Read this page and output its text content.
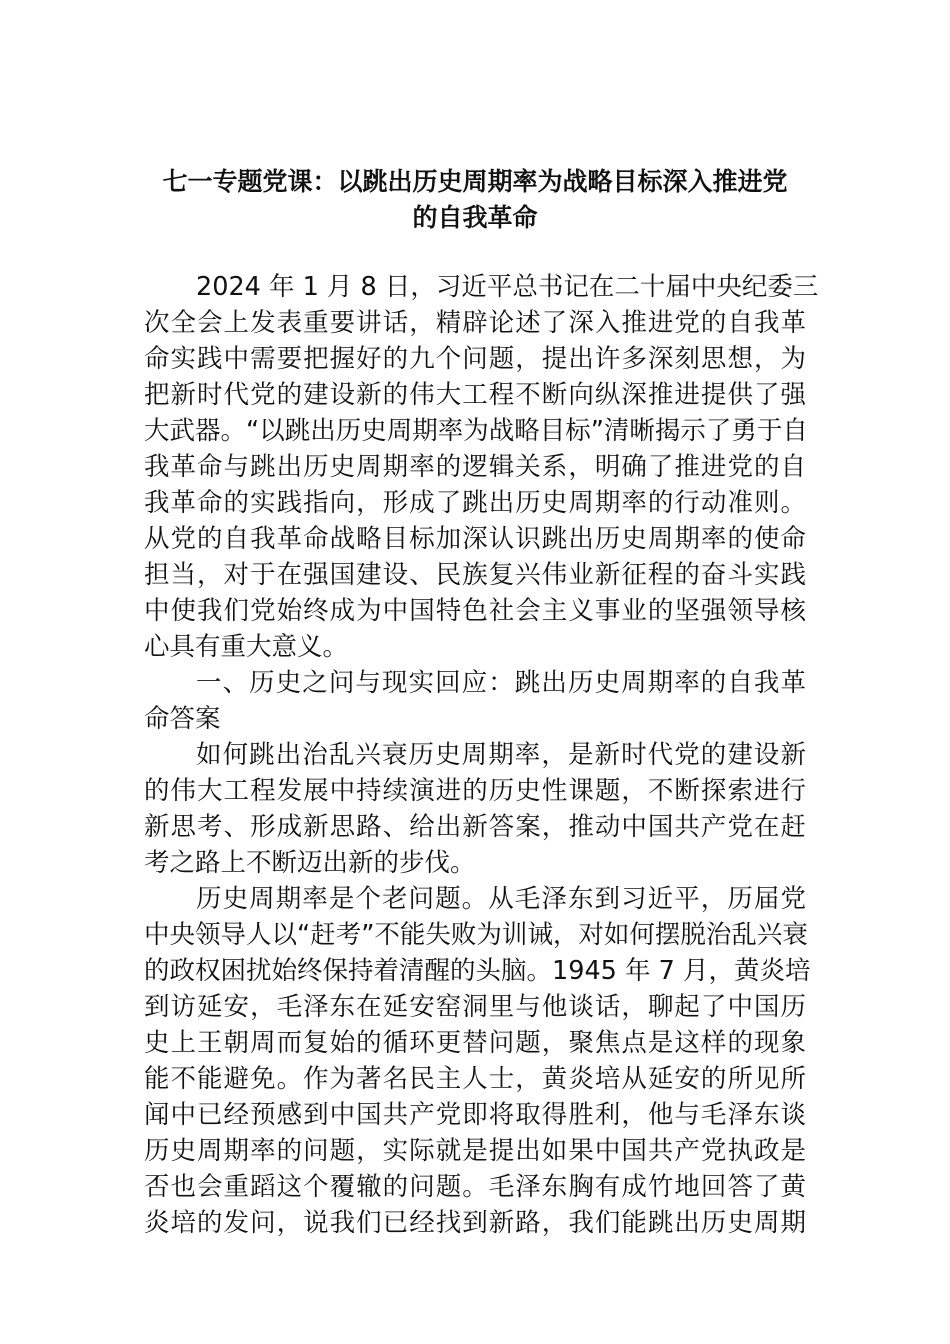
七一专题党课：以跳出历史周期率为战略目标深入推进党
的自我革命

2024 年 1 月 8 日，习近平总书记在二十届中央纪委三

次全会上发表重要讲话，精辟论述了深入推进党的自我革

命实践中需要把握好的九个问题，提出许多深刻思想，为

把新时代党的建设新的伟大工程不断向纵深推进提供了强

大武器。“以跳出历史周期率为战略目标”清晰揭示了勇于自

我革命与跳出历史周期率的逻辑关系，明确了推进党的自

我革命的实践指向，形成了跳出历史周期率的行动准则。

从党的自我革命战略目标加深认识跳出历史周期率的使命

担当，对于在强国建设、民族复兴伟业新征程的奋斗实践

中使我们党始终成为中国特色社会主义事业的坚强领导核

心具有重大意义。

一、历史之问与现实回应：跳出历史周期率的自我革

命答案

如何跳出治乱兴衰历史周期率，是新时代党的建设新

的伟大工程发展中持续演进的历史性课题，不断探索进行

新思考、形成新思路、给出新答案，推动中国共产党在赶

考之路上不断迈出新的步伐。

历史周期率是个老问题。从毛泽东到习近平，历届党

中央领导人以“赶考”不能失败为训诫，对如何摆脱治乱兴衰

的政权困扰始终保持着清醒的头脑。1945 年 7 月，黄炎培

到访延安，毛泽东在延安窑洞里与他谈话，聊起了中国历

史上王朝周而复始的循环更替问题，聚焦点是这样的现象

能不能避免。作为著名民主人士，黄炎培从延安的所见所

闻中已经预感到中国共产党即将取得胜利，他与毛泽东谈

历史周期率的问题，实际就是提出如果中国共产党执政是

否也会重蹈这个覆辙的问题。毛泽东胸有成竹地回答了黄

炎培的发问，说我们已经找到新路，我们能跳出历史周期
